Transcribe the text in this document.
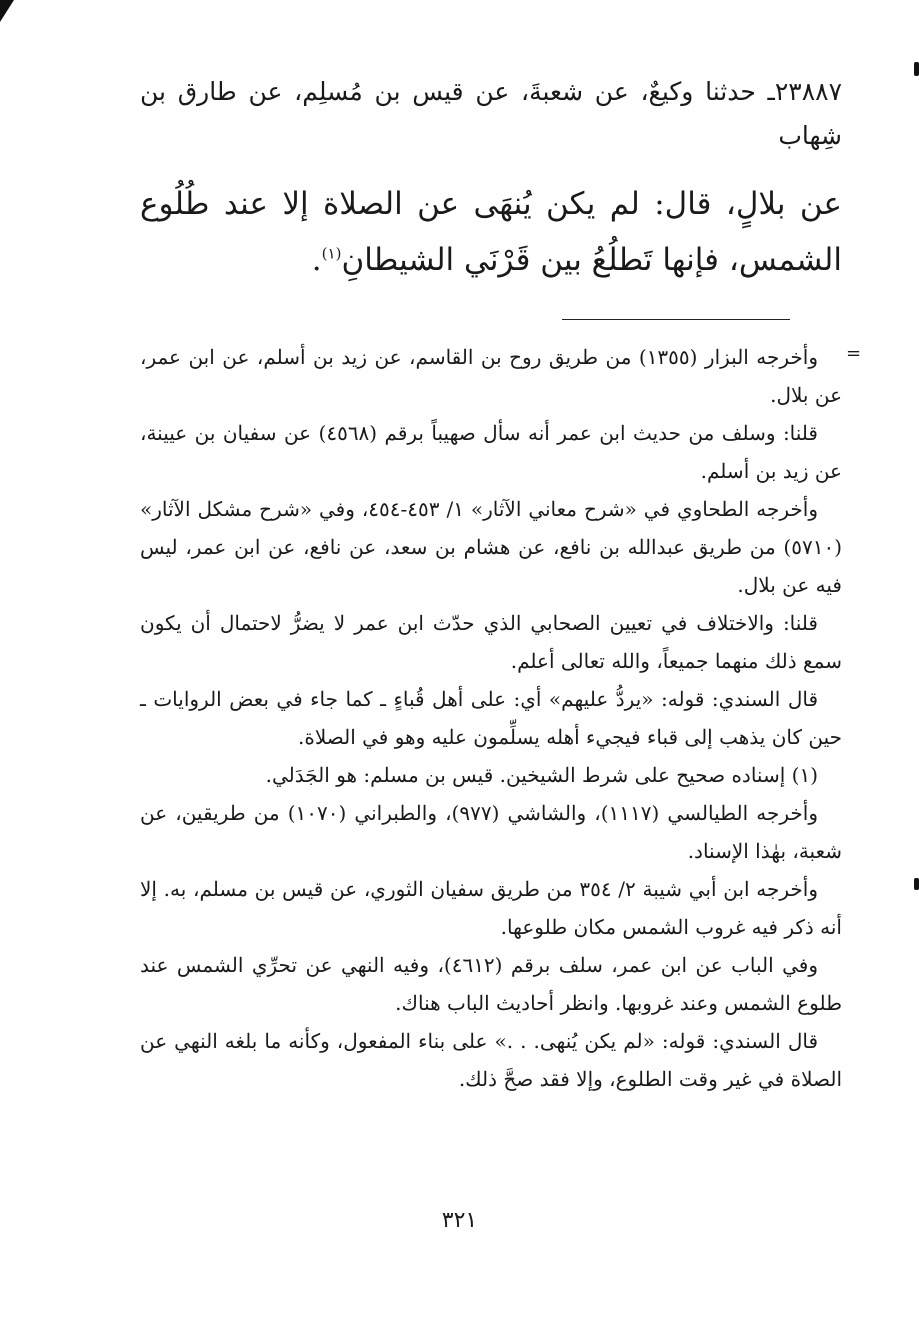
٢٣٨٨٧ـ حدثنا وكيعٌ، عن شعبةَ، عن قيس بن مُسلِم، عن طارق بن شِهاب
عن بلالٍ، قال: لم يكن يُنهَى عن الصلاة إلا عند طُلُوع الشمس، فإنها تَطلُعُ بين قَرْنَي الشيطانِ$^{(١)}$.
=

وأخرجه البزار (١٣٥٥) من طريق روح بن القاسم، عن زيد بن أسلم، عن ابن عمر، عن بلال.

قلنا: وسلف من حديث ابن عمر أنه سأل صهيباً برقم (٤٥٦٨) عن سفيان بن عيينة، عن زيد بن أسلم.

وأخرجه الطحاوي في «شرح معاني الآثار» ١/ ٤٥٣-٤٥٤، وفي «شرح مشكل الآثار» (٥٧١٠) من طريق عبدالله بن نافع، عن هشام بن سعد، عن نافع، عن ابن عمر، ليس فيه عن بلال.

قلنا: والاختلاف في تعيين الصحابي الذي حدّث ابن عمر لا يضرُّ لاحتمال أن يكون سمع ذلك منهما جميعاً، والله تعالى أعلم.

قال السندي: قوله: «يردُّ عليهم» أي: على أهل قُباءٍ ـ كما جاء في بعض الروايات ـ حين كان يذهب إلى قباء فيجيء أهله يسلِّمون عليه وهو في الصلاة.

(١) إسناده صحيح على شرط الشيخين. قيس بن مسلم: هو الجَدَلي.

وأخرجه الطيالسي (١١١٧)، والشاشي (٩٧٧)، والطبراني (١٠٧٠) من طريقين، عن شعبة، بهٰذا الإسناد.

وأخرجه ابن أبي شيبة ٢/ ٣٥٤ من طريق سفيان الثوري، عن قيس بن مسلم، به. إلا أنه ذكر فيه غروب الشمس مكان طلوعها.

وفي الباب عن ابن عمر، سلف برقم (٤٦١٢)، وفيه النهي عن تحرِّي الشمس عند طلوع الشمس وعند غروبها. وانظر أحاديث الباب هناك.

قال السندي: قوله: «لم يكن يُنهى. . .» على بناء المفعول، وكأنه ما بلغه النهي عن الصلاة في غير وقت الطلوع، وإلا فقد صحَّ ذلك.

٣٢١
